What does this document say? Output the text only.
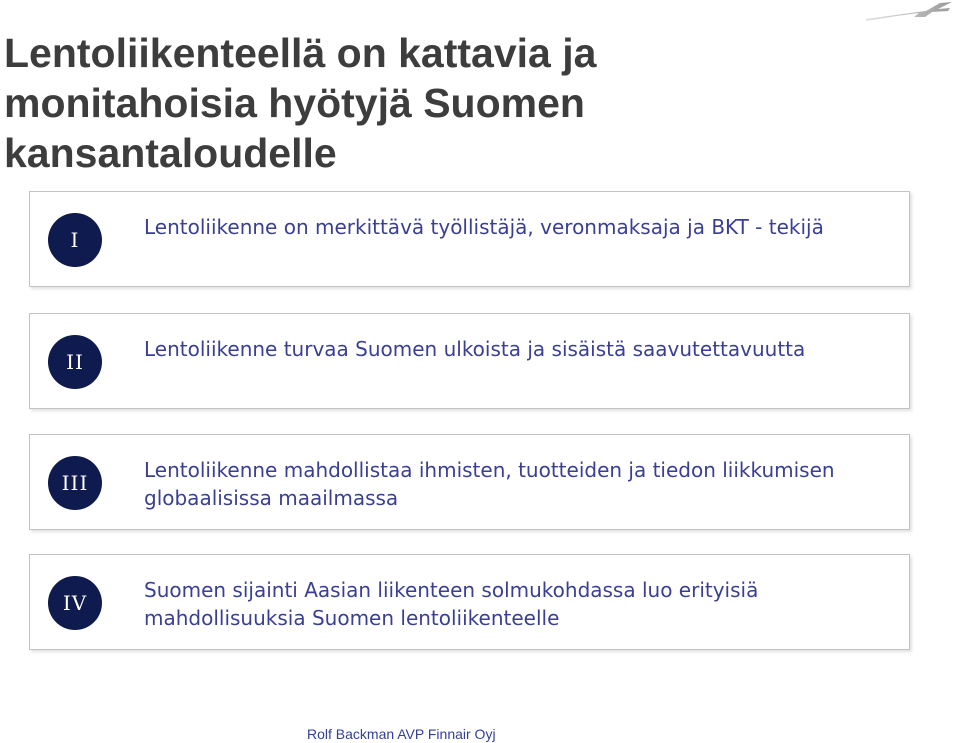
Lentoliikenteellä on kattavia ja monitahoisia hyötyjä Suomen kansantaloudelle
I

Lentoliikenne on merkittävä työllistäjä, veronmaksaja ja BKT - tekijä

II

Lentoliikenne turvaa Suomen ulkoista ja sisäistä saavutettavuutta

III

Lentoliikenne mahdollistaa ihmisten, tuotteiden ja tiedon liikkumisen globaalisissa maailmassa

IV

Suomen sijainti Aasian liikenteen solmukohdassa luo erityisiä mahdollisuuksia Suomen lentoliikenteelle

Rolf Backman AVP Finnair Oyj
